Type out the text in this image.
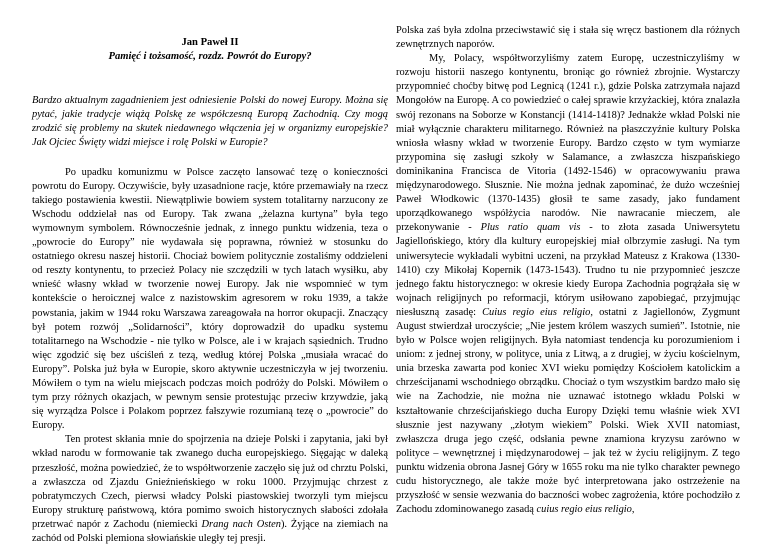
Jan Paweł II
Pamięć i tożsamość, rozdz. Powrót do Europy?

Bardzo aktualnym zagadnieniem jest odniesienie Polski do nowej Europy. Można się pytać, jakie tradycje wiążą Polskę ze współczesną Europą Zachodnią. Czy mogą zrodzić się problemy na skutek niedawnego włączenia jej w organizmy europejskie? Jak Ojciec Święty widzi miejsce i rolę Polski w Europie?

Po upadku komunizmu w Polsce zaczęto lansować tezę o konieczności powrotu do Europy. Oczywiście, były uzasadnione racje, które przemawiały na rzecz takiego postawienia kwestii. Niewątpliwie bowiem system totalitarny narzucony ze Wschodu oddzielał nas od Europy. Tak zwana „żelazna kurtyna” była tego wymownym symbolem. Równocześnie jednak, z innego punktu widzenia, teza o „powrocie do Europy” nie wydawała się poprawna, również w stosunku do ostatniego okresu naszej historii. Chociaż bowiem politycznie zostaliśmy oddzieleni od reszty kontynentu, to przecież Polacy nie szczędzili w tych latach wysiłku, aby wnieść własny wkład w tworzenie nowej Europy. Jak nie wspomnieć w tym kontekście o heroicznej walce z nazistowskim agresorem w roku 1939, a także powstania, jakim w 1944 roku Warszawa zareagowała na horror okupacji. Znaczący był potem rozwój „Solidarności”, który doprowadził do upadku systemu totalitarnego na Wschodzie - nie tylko w Polsce, ale i w krajach sąsiednich. Trudno więc zgodzić się bez uściśleń z tezą, według której Polska „musiała wracać do Europy”. Polska już była w Europie, skoro aktywnie uczestniczyła w jej tworzeniu. Mówiłem o tym na wielu miejscach podczas moich podróży do Polski. Mówiłem o tym przy różnych okazjach, w pewnym sensie protestując przeciw krzywdzie, jaką się wyrządza Polsce i Polakom poprzez fałszywie rozumianą tezę o „powrocie” do Europy.

Ten protest skłania mnie do spojrzenia na dzieje Polski i zapytania, jaki był wkład narodu w formowanie tak zwanego ducha europejskiego. Sięgając w daleką przeszłość, można powiedzieć, że to współtworzenie zaczęło się już od chrztu Polski, a zwłaszcza od Zjazdu Gnieźnieńskiego w roku 1000. Przyjmując chrzest z pobratymczych Czech, pierwsi władcy Polski piastowskiej tworzyli tym miejscu Europy strukturę państwową, która pomimo swoich historycznych słabości zdołała przetrwać napór z Zachodu (niemiecki Drang nach Osten). Żyjące na ziemiach na zachód od Polski plemiona słowiańskie uległy tej presji.

Polska zaś była zdolna przeciwstawić się i stała się wręcz bastionem dla różnych zewnętrznych naporów.

My, Polacy, współtworzyliśmy zatem Europę, uczestniczyliśmy w rozwoju historii naszego kontynentu, broniąc go również zbrojnie. Wystarczy przypomnieć choćby bitwę pod Legnicą (1241 r.), gdzie Polska zatrzymała najazd Mongołów na Europę. A co powiedzieć o całej sprawie krzyżackiej, która znalazła swój rezonans na Soborze w Konstancji (1414-1418)? Jednakże wkład Polski nie miał wyłącznie charakteru militarnego. Również na płaszczyźnie kultury Polska wniosła własny wkład w tworzenie Europy. Bardzo często w tym wymiarze przypomina się zasługi szkoły w Salamance, a zwłaszcza hiszpańskiego dominikanina Francisca de Vitoria (1492-1546) w opracowywaniu prawa międzynarodowego. Słusznie. Nie można jednak zapominać, że dużo wcześniej Paweł Włodkowic (1370-1435) głosił te same zasady, jako fundament uporządkowanego współżycia narodów. Nie nawracanie mieczem, ale przekonywanie - Plus ratio quam vis - to złota zasada Uniwersytetu Jagiellońskiego, który dla kultury europejskiej miał olbrzymie zasługi. Na tym uniwersytecie wykładali wybitni uczeni, na przykład Mateusz z Krakowa (1330-1410) czy Mikołaj Kopernik (1473-1543). Trudno tu nie przypomnieć jeszcze jednego faktu historycznego: w okresie kiedy Europa Zachodnia pogrążała się w wojnach religijnych po reformacji, którym usiłowano zapobiegać, przyjmując niesłuszną zasadę: Cuius regio eius religio, ostatni z Jagiellonów, Zygmunt August stwierdzał uroczyście; „Nie jestem królem waszych sumień”. Istotnie, nie było w Polsce wojen religijnych. Była natomiast tendencja ku porozumieniom i uniom: z jednej strony, w polityce, unia z Litwą, a z drugiej, w życiu kościelnym, unia brzeska zawarta pod koniec XVI wieku pomiędzy Kościołem katolickim a chrześcijanami wschodniego obrządku. Chociaż o tym wszystkim bardzo mało się wie na Zachodzie, nie można nie uznawać istotnego wkładu Polski w kształtowanie chrześcijańskiego ducha Europy Dzięki temu właśnie wiek XVI słusznie jest nazywany „złotym wiekiem” Polski. Wiek XVII natomiast, zwłaszcza druga jego część, odsłania pewne znamiona kryzysu zarówno w polityce – wewnętrznej i międzynarodowej – jak też w życiu religijnym. Z tego punktu widzenia obrona Jasnej Góry w 1655 roku ma nie tylko charakter pewnego cudu historycznego, ale także może być interpretowana jako ostrzeżenie na przyszłość w sensie wezwania do baczności wobec zagrożenia, które pochodziło z Zachodu zdominowanego zasadą cuius regio eius religio,
